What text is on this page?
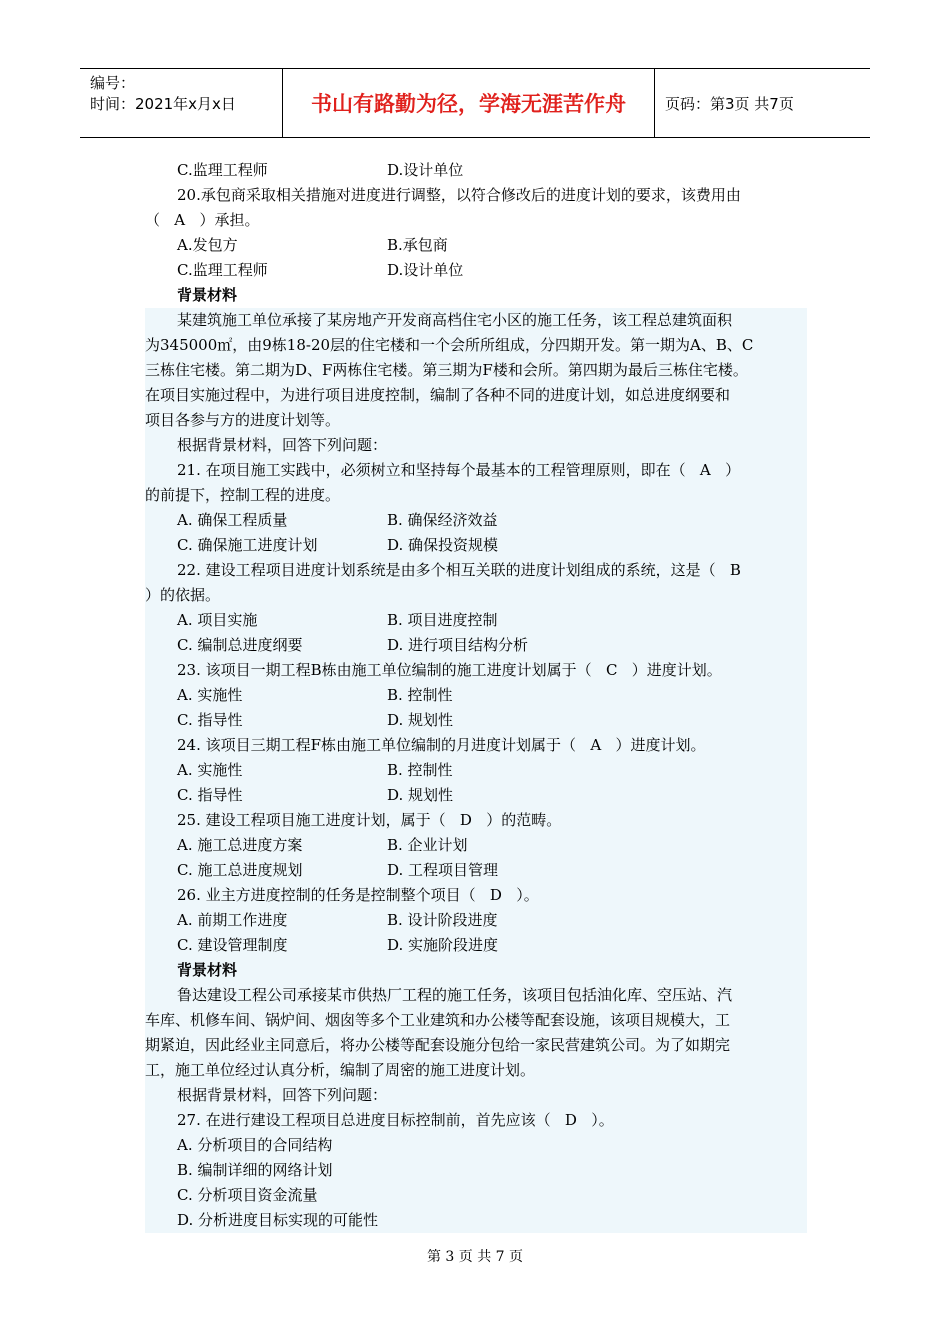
编号：
时间：2021年x月x日	书山有路勤为径，学海无涯苦作舟	页码：第3页 共7页
C.监理工程师	D.设计单位
20.承包商采取相关措施对进度进行调整，以符合修改后的进度计划的要求，该费用由
（   A   ）承担。
A.发包方	B.承包商
C.监理工程师	D.设计单位
背景材料
某建筑施工单位承接了某房地产开发商高档住宅小区的施工任务，该工程总建筑面积
为345000㎡，由9栋18-20层的住宅楼和一个会所所组成，分四期开发。第一期为A、B、C
三栋住宅楼。第二期为D、F两栋住宅楼。第三期为F楼和会所。第四期为最后三栋住宅楼。
在项目实施过程中，为进行项目进度控制，编制了各种不同的进度计划，如总进度纲要和
项目各参与方的进度计划等。
根据背景材料，回答下列问题：
21. 在项目施工实践中，必须树立和坚持每个最基本的工程管理原则，即在（   A   ）
的前提下，控制工程的进度。
A. 确保工程质量	B. 确保经济效益
C. 确保施工进度计划	D. 确保投资规模
22. 建设工程项目进度计划系统是由多个相互关联的进度计划组成的系统，这是（   B
）的依据。
A. 项目实施	B. 项目进度控制
C. 编制总进度纲要	D. 进行项目结构分析
23. 该项目一期工程B栋由施工单位编制的施工进度计划属于（   C   ）进度计划。
A. 实施性	B. 控制性
C. 指导性	D. 规划性
24. 该项目三期工程F栋由施工单位编制的月进度计划属于（   A   ）进度计划。
A. 实施性	B. 控制性
C. 指导性	D. 规划性
25. 建设工程项目施工进度计划，属于（   D   ）的范畴。
A. 施工总进度方案	B. 企业计划
C. 施工总进度规划	D. 工程项目管理
26. 业主方进度控制的任务是控制整个项目（   D   ）。
A. 前期工作进度	B. 设计阶段进度
C. 建设管理制度	D. 实施阶段进度
背景材料
鲁达建设工程公司承接某市供热厂工程的施工任务，该项目包括油化库、空压站、汽
车库、机修车间、锅炉间、烟囱等多个工业建筑和办公楼等配套设施，该项目规模大，工
期紧迫，因此经业主同意后，将办公楼等配套设施分包给一家民营建筑公司。为了如期完
工，施工单位经过认真分析，编制了周密的施工进度计划。
根据背景材料，回答下列问题：
27. 在进行建设工程项目总进度目标控制前，首先应该（   D   ）。
A. 分析项目的合同结构
B. 编制详细的网络计划
C. 分析项目资金流量
D. 分析进度目标实现的可能性
第 3 页 共 7 页
